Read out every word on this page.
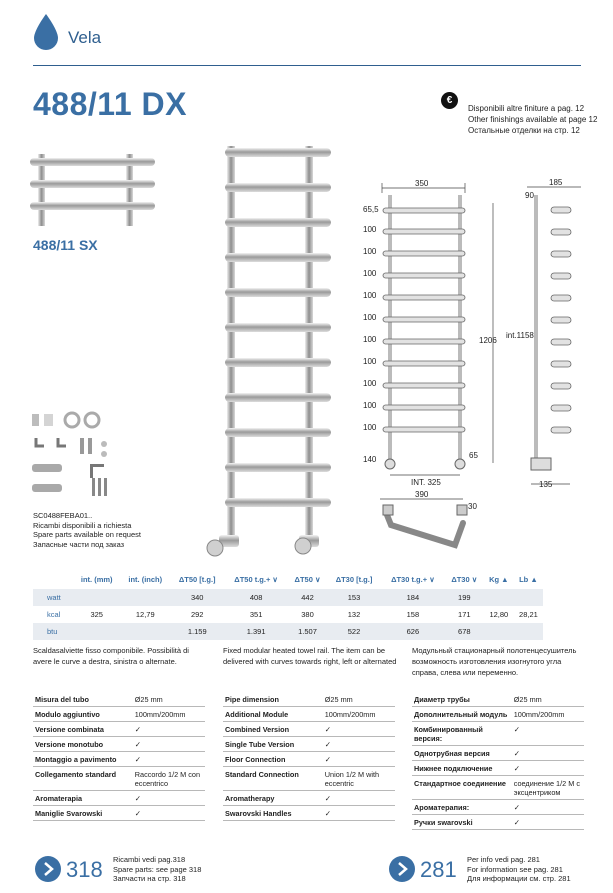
Vela
488/11 DX	€
Disponibili altre finiture a pag. 12
Other finishings available at page 12
Остальные отделки на стр. 12
488/11 SX
SC0488FEBA01..
Ricambi disponibili a richiesta
Spare parts available on request
Запасные части под заказ
350
65,5
100
100
100
100
100
100
100
100
100
100
140	65
INT. 325
1206
int.1158
185
90
135
390
30
	int. (mm)	int. (inch)	ΔT50 [t.g.]	ΔT50 t.g.+ ∨	ΔT50 ∨	ΔT30 [t.g.]	ΔT30 t.g.+ ∨	ΔT30 ∨	Kg ▲	Lb ▲
watt			340	408	442	153	184	199		
kcal	325	12,79	292	351	380	132	158	171	12,80	28,21
btu			1.159	1.391	1.507	522	626	678		
Scaldasalviette fisso componibile. Possibilità di avere le curve a destra, sinistra o alternate.
Fixed modular heated towel rail. The item can be delivered with curves towards right, left or alternated
Модульный стационарный полотенцесушитель возможность изготовления изогнутого угла справа, слева или переменно.
Misura del tubo	Ø25 mm
Modulo aggiuntivo	100mm/200mm
Versione combinata	✓
Versione monotubo	✓
Montaggio a pavimento	✓
Collegamento standard	Raccordo 1/2 M con eccentrico
Aromaterapia	✓
Maniglie Svarowski	✓
Pipe dimension	Ø25 mm
Additional Module	100mm/200mm
Combined Version	✓
Single Tube Version	✓
Floor Connection	✓
Standard Connection	Union 1/2 M with eccentric
Aromatherapy	✓
Swarovski Handles	✓
Диаметр трубы	Ø25 mm
Дополнительный модуль	100mm/200mm
Комбинированный версия:	✓
Однотрубная версия	✓
Нижнее подключение	✓
Стандартное соединение	соединение 1/2 М с эксцентриком
Ароматерапия:	✓
Ручки swarovski	✓
318 Ricambi vedi pag.318
Spare parts: see page 318
Запчасти на стр. 318	281 Per info vedi pag. 281
For information see pag. 281
Для информации см. стр. 281
